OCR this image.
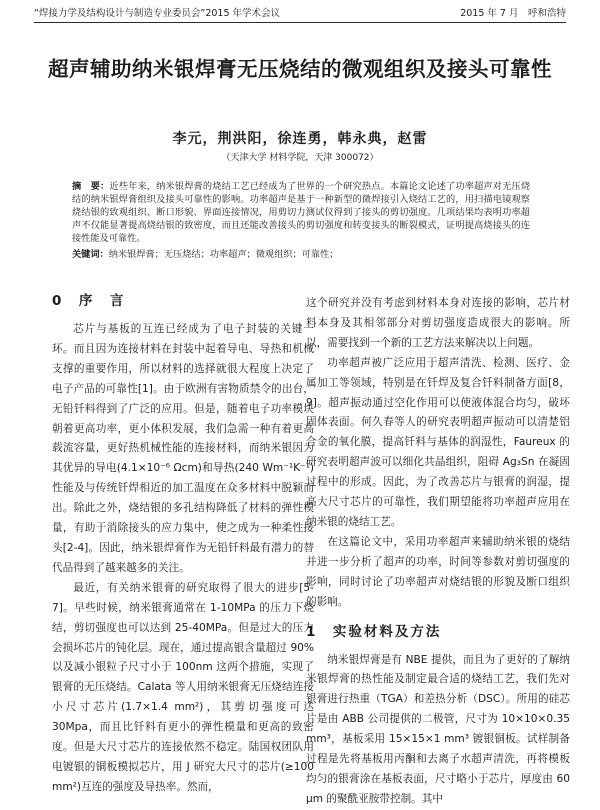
“焊接力学及结构设计与制造专业委员会”2015 年学术会议	2015 年 7 月　呼和浩特
超声辅助纳米银焊膏无压烧结的微观组织及接头可靠性
李元，荆洪阳，徐连勇，韩永典，赵雷
（天津大学 材料学院，天津 300072）
摘　要：近些年来，纳米银焊膏的烧结工艺已经成为了世界的一个研究热点。本篇论文论述了功率超声对无压烧结的纳米银焊膏组织及接头可靠性的影响。功率超声是基于一种新型的微焊接引入烧结工艺的，用扫描电镜观察烧结银的致观组织、断口形貌、界面连接情况，用剪切力测试仪得到了接头的剪切强度。几项结果均表明功率超声不仅能显著提高烧结银的致密度，而且还能改善接头的剪切强度和转变接头的断裂模式，证明提高烧接头的连接性能及可靠性。
关键词：纳米银焊膏；无压烧结；功率超声；微观组织；可靠性；
0　序　言

芯片与基板的互连已经成为了电子封装的关键一环。而且因为连接材料在封装中起着导电、导热和机械支撑的重要作用，所以材料的选择就很大程度上决定了电子产品的可靠性[1]。由于欧洲有害物质禁令的出台，无铅钎料得到了广泛的应用。但是，随着电子功率模块朝着更高功率，更小体积发展，我们急需一种有着更高载流容量，更好热机械性能的连接材料，而纳米银因为其优异的导电(4.1×10⁻⁶ Ωcm)和导热(240 Wm⁻¹K⁻¹)性能及与传统钎焊相近的加工温度在众多材料中脱颖而出。除此之外，烧结银的多孔结构降低了材料的弹性模量，有助于消除接头的应力集中，使之成为一种柔性接头[2-4]。因此，纳米银焊膏作为无铅钎料最有潜力的替代品得到了越来越多的关注。

最近，有关纳米银膏的研究取得了很大的进步[5-7]。早些时候，纳米银膏通常在 1-10MPa 的压力下烧结，剪切强度也可以达到 25-40MPa。但是过大的压力会损坏芯片的钝化层。现在，通过提高银含量超过 90%以及减小银粒子尺寸小于 100nm 这两个措施，实现了银膏的无压烧结。Calata 等人用纳米银膏无压烧结连接小尺寸芯片(1.7×1.4 mm²)，其剪切强度可达 30Mpa，而且比钎料有更小的弹性模量和更高的致密度。但是大尺寸芯片的连接依然不稳定。陆国权团队用电镀银的铜板模拟芯片，用 J 研究大尺寸的芯片(≥100 mm²)互连的强度及导热率。然而，

这个研究并没有考虑到材料本身对连接的影响，芯片材料本身及其相邻部分对剪切强度造成很大的影响。所以，需要找到一个新的工艺方法来解决以上问题。

功率超声被广泛应用于超声清洗、检测、医疗、金属加工等领域，特别是在钎焊及复合钎料制备方面[8，9]。超声振动通过空化作用可以使液体混合均匀，破坏固体表面。何久春等人的研究表明超声振动可以清楚铝合金的氧化膜，提高钎料与基体的润湿性，Faureux 的研究表明超声波可以细化共晶组织，阻碍 Ag₃Sn 在凝固过程中的形成。因此，为了改善芯片与银膏的润湿，提高大尺寸芯片的可靠性，我们期望能将功率超声应用在纳米银的烧结工艺。

在这篇论文中，采用功率超声来辅助纳米银的烧结并进一步分析了超声的功率，时间等参数对剪切强度的影响，同时讨论了功率超声对烧结银的形貌及断口组织的影响。

1　实验材料及方法

纳米银焊膏是有 NBE 提供，而且为了更好的了解纳米银焊膏的热性能及制定最合适的烧结工艺，我们先对银膏进行热重（TGA）和差热分析（DSC）。所用的硅芯片是由 ABB 公司提供的二极管，尺寸为 10×10×0.35 mm³，基板采用 15×15×1 mm³ 镀银铜板。试样制备过程是先将基板用丙酮和去离子水超声清洗，再将模板均匀的银膏涂在基板表面，尺寸略小于芯片，厚度由 60 μm 的聚酰亚胺带控制。其中
